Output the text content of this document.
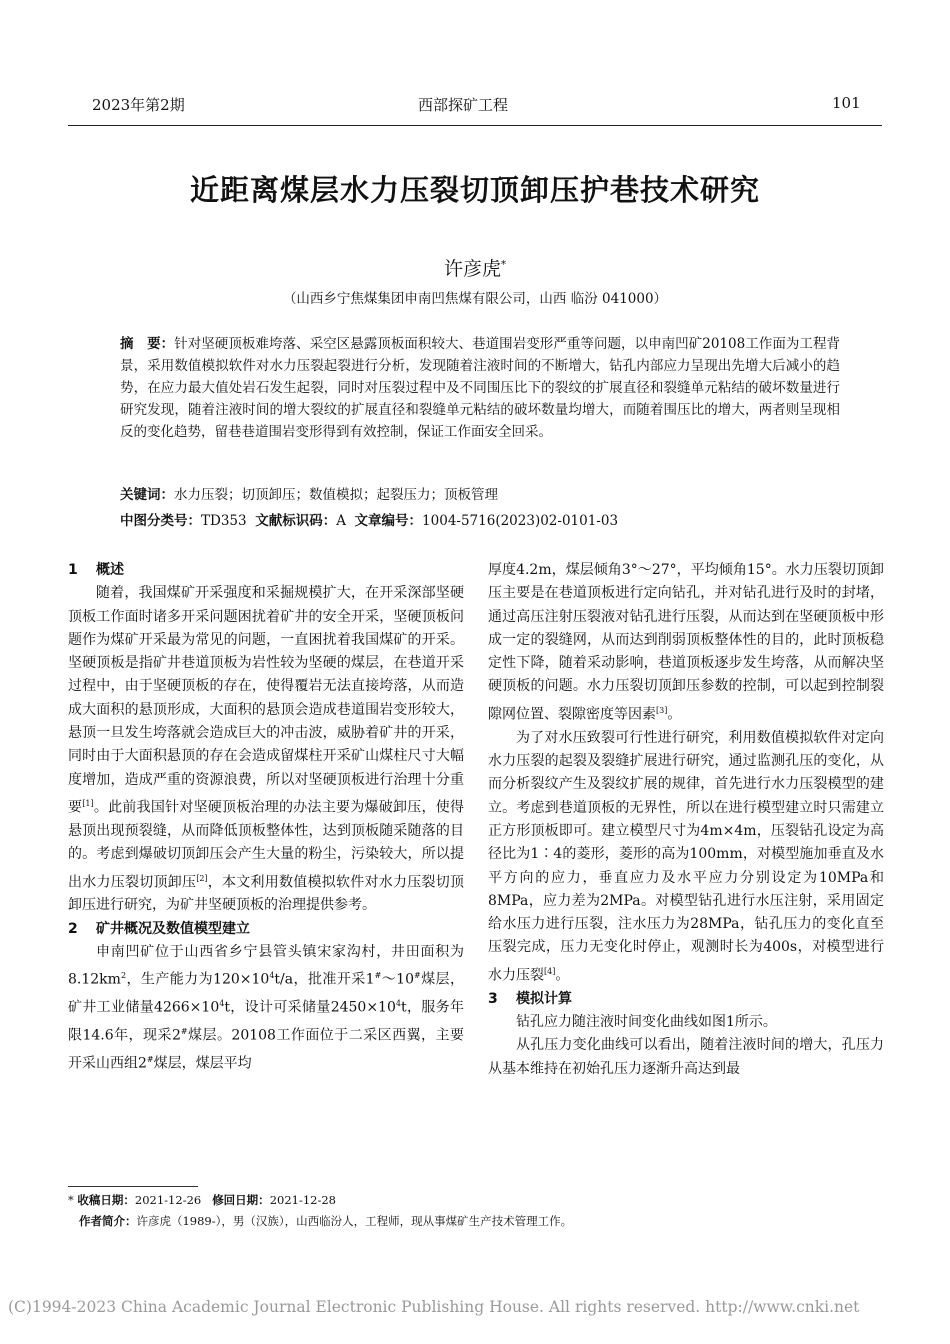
2023年第2期	西部探矿工程	101
近距离煤层水力压裂切顶卸压护巷技术研究
许彦虎*
（山西乡宁焦煤集团申南凹焦煤有限公司，山西 临汾 041000）
摘　要：针对坚硬顶板难垮落、采空区悬露顶板面积较大、巷道围岩变形严重等问题，以申南凹矿20108工作面为工程背景，采用数值模拟软件对水力压裂起裂进行分析，发现随着注液时间的不断增大，钻孔内部应力呈现出先增大后减小的趋势，在应力最大值处岩石发生起裂，同时对压裂过程中及不同围压比下的裂纹的扩展直径和裂缝单元粘结的破坏数量进行研究发现，随着注液时间的增大裂纹的扩展直径和裂缝单元粘结的破坏数量均增大，而随着围压比的增大，两者则呈现相反的变化趋势，留巷巷道围岩变形得到有效控制，保证工作面安全回采。
关键词：水力压裂；切顶卸压；数值模拟；起裂压力；顶板管理
中图分类号：TD353 文献标识码：A 文章编号：1004-5716(2023)02-0101-03
1 概述

随着，我国煤矿开采强度和采掘规模扩大，在开采深部坚硬顶板工作面时诸多开采问题困扰着矿井的安全开采，坚硬顶板问题作为煤矿开采最为常见的问题，一直困扰着我国煤矿的开采。坚硬顶板是指矿井巷道顶板为岩性较为坚硬的煤层，在巷道开采过程中，由于坚硬顶板的存在，使得覆岩无法直接垮落，从而造成大面积的悬顶形成，大面积的悬顶会造成巷道围岩变形较大，悬顶一旦发生垮落就会造成巨大的冲击波，威胁着矿井的开采，同时由于大面积悬顶的存在会造成留煤柱开采矿山煤柱尺寸大幅度增加，造成严重的资源浪费，所以对坚硬顶板进行治理十分重要[1]。此前我国针对坚硬顶板治理的办法主要为爆破卸压，使得悬顶出现预裂缝，从而降低顶板整体性，达到顶板随采随落的目的。考虑到爆破切顶卸压会产生大量的粉尘，污染较大，所以提出水力压裂切顶卸压[2]，本文利用数值模拟软件对水力压裂切顶卸压进行研究，为矿井坚硬顶板的治理提供参考。

2 矿井概况及数值模型建立

申南凹矿位于山西省乡宁县管头镇宋家沟村，井田面积为$8.12km^2$，生产能力为$120\times 10^4t/a$，批准开采1#～10#煤层，矿井工业储量$4266\times 10^4t$，设计可采储量$2450\times 10^4t$，服务年限14.6年，现采2#煤层。20108工作面位于二采区西翼，主要开采山西组2#煤层，煤层平均

厚度4.2m，煤层倾角3°～27°，平均倾角15°。水力压裂切顶卸压主要是在巷道顶板进行定向钻孔，并对钻孔进行及时的封堵，通过高压注射压裂液对钻孔进行压裂，从而达到在坚硬顶板中形成一定的裂缝网，从而达到削弱顶板整体性的目的，此时顶板稳定性下降，随着采动影响，巷道顶板逐步发生垮落，从而解决坚硬顶板的问题。水力压裂切顶卸压参数的控制，可以起到控制裂隙网位置、裂隙密度等因素[3]。

为了对水压致裂可行性进行研究，利用数值模拟软件对定向水力压裂的起裂及裂缝扩展进行研究，通过监测孔压的变化，从而分析裂纹产生及裂纹扩展的规律，首先进行水力压裂模型的建立。考虑到巷道顶板的无界性，所以在进行模型建立时只需建立正方形顶板即可。建立模型尺寸为4m×4m，压裂钻孔设定为高径比为1∶4的菱形，菱形的高为100mm，对模型施加垂直及水平方向的应力，垂直应力及水平应力分别设定为10MPa和8MPa，应力差为2MPa。对模型钻孔进行水压注射，采用固定给水压力进行压裂，注水压力为28MPa，钻孔压力的变化直至压裂完成，压力无变化时停止，观测时长为400s，对模型进行水力压裂[4]。

3 模拟计算

钻孔应力随注液时间变化曲线如图1所示。

从孔压力变化曲线可以看出，随着注液时间的增大，孔压力从基本维持在初始孔压力逐渐升高达到最

* 收稿日期：2021-12-26 修回日期：2021-12-28
作者简介：许彦虎（1989-），男（汉族），山西临汾人，工程师，现从事煤矿生产技术管理工作。
(C)1994-2023 China Academic Journal Electronic Publishing House. All rights reserved. http://www.cnki.net
